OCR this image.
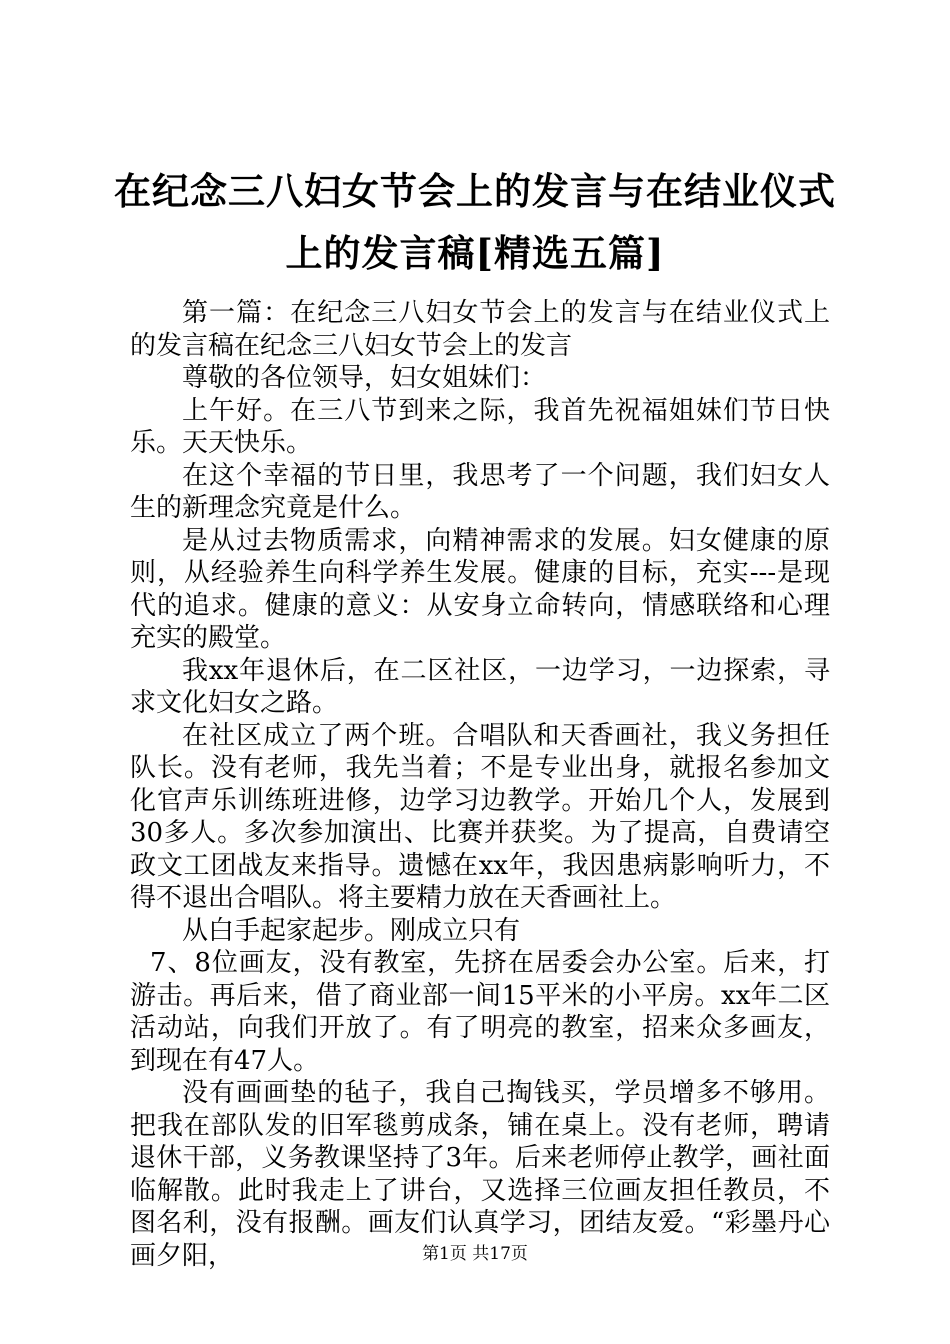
在纪念三八妇女节会上的发言与在结业仪式上的发言稿[精选五篇]

第一篇：在纪念三八妇女节会上的发言与在结业仪式上的发言稿在纪念三八妇女节会上的发言

尊敬的各位领导，妇女姐妹们：

上午好。在三八节到来之际，我首先祝福姐妹们节日快乐。天天快乐。

在这个幸福的节日里，我思考了一个问题，我们妇女人生的新理念究竟是什么。

是从过去物质需求，向精神需求的发展。妇女健康的原则，从经验养生向科学养生发展。健康的目标，充实---是现代的追求。健康的意义：从安身立命转向，情感联络和心理充实的殿堂。

我xx年退休后，在二区社区，一边学习，一边探索，寻求文化妇女之路。

在社区成立了两个班。合唱队和天香画社，我义务担任队长。没有老师，我先当着；不是专业出身，就报名参加文化官声乐训练班进修，边学习边教学。开始几个人，发展到30多人。多次参加演出、比赛并获奖。为了提高，自费请空政文工团战友来指导。遗憾在xx年，我因患病影响听力，不得不退出合唱队。将主要精力放在天香画社上。

从白手起家起步。刚成立只有

7、8位画友，没有教室，先挤在居委会办公室。后来，打游击。再后来，借了商业部一间15平米的小平房。xx年二区活动站，向我们开放了。有了明亮的教室，招来众多画友，到现在有47人。

没有画画垫的毡子，我自己掏钱买，学员增多不够用。把我在部队发的旧军毯剪成条，铺在桌上。没有老师，聘请退休干部，义务教课坚持了3年。后来老师停止教学，画社面临解散。此时我走上了讲台，又选择三位画友担任教员，不图名利，没有报酬。画友们认真学习，团结友爱。“彩墨丹心画夕阳，	第1页 共17页
